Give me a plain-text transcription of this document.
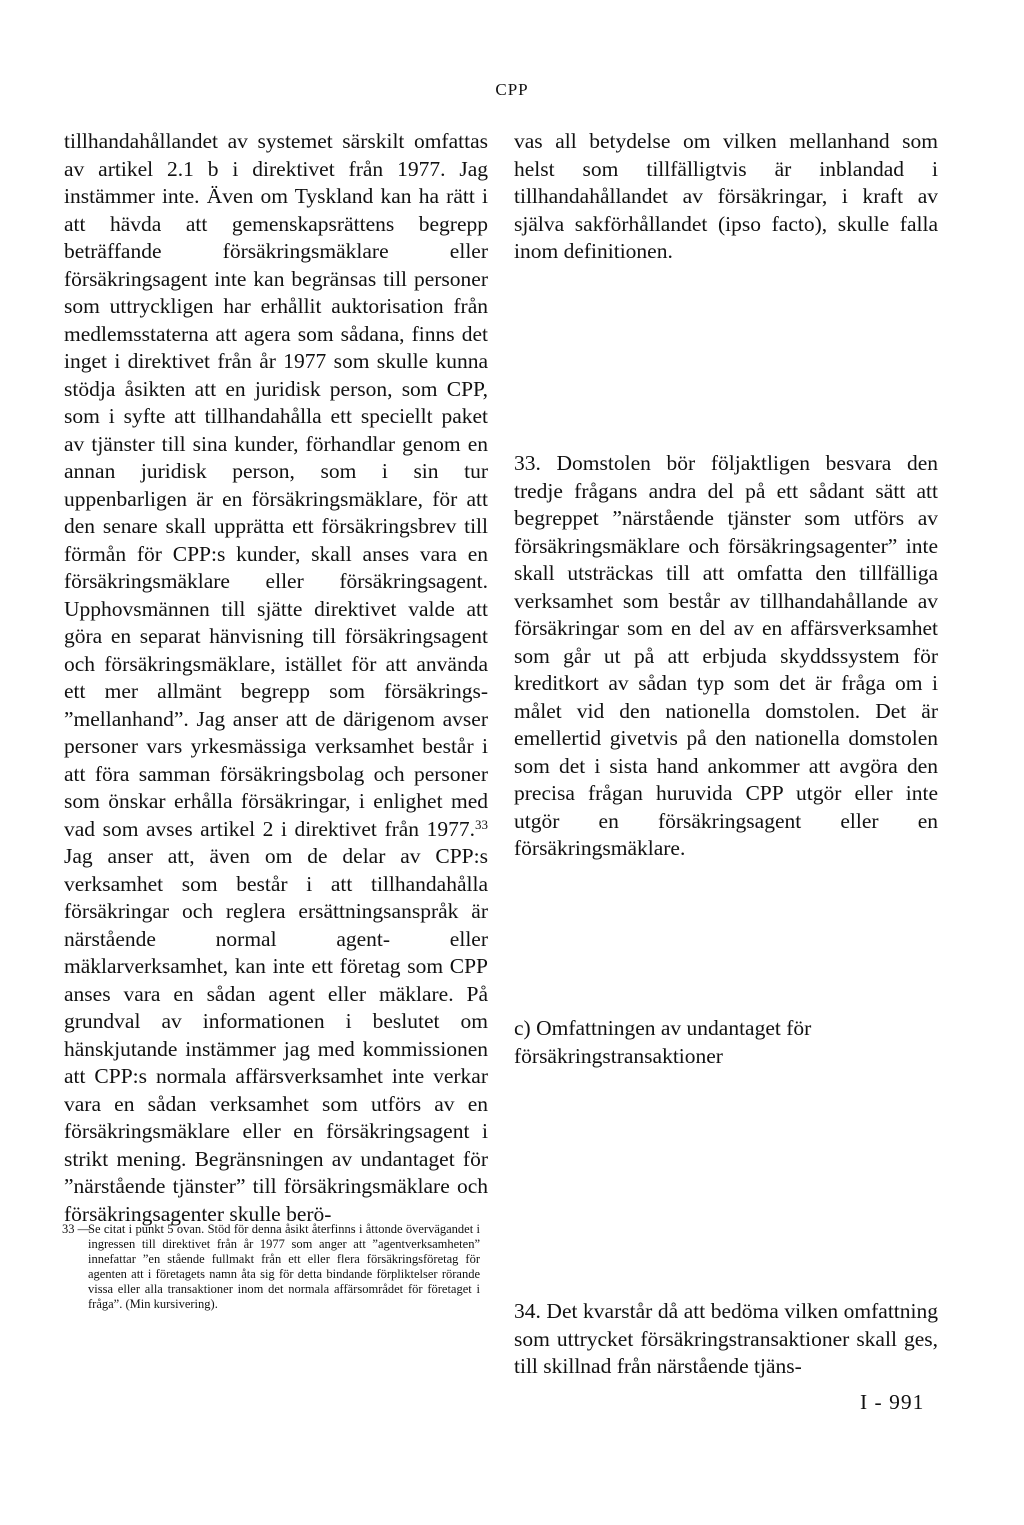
CPP

tillhandahållandet av systemet särskilt omfattas av artikel 2.1 b i direktivet från 1977. Jag instämmer inte. Även om Tyskland kan ha rätt i att hävda att gemenskapsrättens begrepp beträffande försäkringsmäklare eller försäkringsagent inte kan begränsas till personer som uttryckligen har erhållit auktorisation från medlemsstaterna att agera som sådana, finns det inget i direktivet från år 1977 som skulle kunna stödja åsikten att en juridisk person, som CPP, som i syfte att tillhandahålla ett speciellt paket av tjänster till sina kunder, förhandlar genom en annan juridisk person, som i sin tur uppenbarligen är en försäkringsmäklare, för att den senare skall upprätta ett försäkringsbrev till förmån för CPP:s kunder, skall anses vara en försäkringsmäklare eller försäkringsagent. Upphovsmännen till sjätte direktivet valde att göra en separat hänvisning till försäkringsagent och försäkringsmäklare, istället för att använda ett mer allmänt begrepp som försäkrings- ”mellanhand”. Jag anser att de därigenom avser personer vars yrkesmässiga verksamhet består i att föra samman försäkringsbolag och personer som önskar erhålla försäkringar, i enlighet med vad som avses artikel 2 i direktivet från 1977.33 Jag anser att, även om de delar av CPP:s verksamhet som består i att tillhandahålla försäkringar och reglera ersättningsanspråk är närstående normal agent- eller mäklarverksamhet, kan inte ett företag som CPP anses vara en sådan agent eller mäklare. På grundval av informationen i beslutet om hänskjutande instämmer jag med kommissionen att CPP:s normala affärsverksamhet inte verkar vara en sådan verksamhet som utförs av en försäkringsmäklare eller en försäkringsagent i strikt mening. Begränsningen av undantaget för ”närstående tjänster” till försäkringsmäklare och försäkringsagenter skulle berö-

vas all betydelse om vilken mellanhand som helst som tillfälligtvis är inblandad i tillhandahållandet av försäkringar, i kraft av själva sakförhållandet (ipso facto), skulle falla inom definitionen.

33. Domstolen bör följaktligen besvara den tredje frågans andra del på ett sådant sätt att begreppet ”närstående tjänster som utförs av försäkringsmäklare och försäkringsagenter” inte skall utsträckas till att omfatta den tillfälliga verksamhet som består av tillhandahållande av försäkringar som en del av en affärsverksamhet som går ut på att erbjuda skyddssystem för kreditkort av sådan typ som det är fråga om i målet vid den nationella domstolen. Det är emellertid givetvis på den nationella domstolen som det i sista hand ankommer att avgöra den precisa frågan huruvida CPP utgör eller inte utgör en försäkringsagent eller en försäkringsmäklare.

c) Omfattningen av undantaget för försäkringstransaktioner

34. Det kvarstår då att bedöma vilken omfattning som uttrycket försäkringstransaktioner skall ges, till skillnad från närstående tjäns-

33 —
Se citat i punkt 5 ovan. Stöd för denna åsikt återfinns i åttonde övervägandet i ingressen till direktivet från år 1977 som anger att ”agentverksamheten” innefattar ”en stående fullmakt från ett eller flera försäkringsföretag för agenten att i företagets namn åta sig för detta bindande förpliktelser rörande vissa eller alla transaktioner inom det normala affärsområdet för företaget i fråga”. (Min kursivering).
I - 991
